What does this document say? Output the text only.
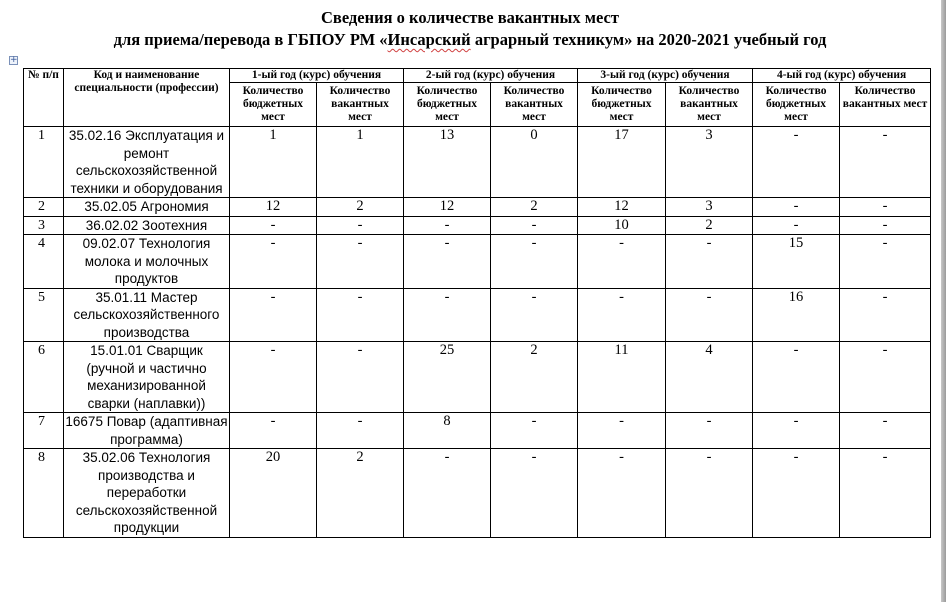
Сведения о количестве вакантных мест
для приема/перевода в ГБПОУ РМ «Инсарский аграрный техникум» на 2020-2021 учебный год
+
№ п/п	Код и наименование специальности (профессии)	1-ый год (курс) обучения		2-ый год (курс) обучения		3-ый год (курс) обучения		4-ый год (курс) обучения	
		Количество бюджетных мест	Количество вакантных мест	Количество бюджетных мест	Количество вакантных мест	Количество бюджетных мест	Количество вакантных мест	Количество бюджетных мест	Количество вакантных мест
1	35.02.16 Эксплуатация и ремонт сельскохозяйственной техники и оборудования	1	1	13	0	17	3	-	-
2	35.02.05 Агрономия	12	2	12	2	12	3	-	-
3	36.02.02 Зоотехния	-	-	-	-	10	2	-	-
4	09.02.07 Технология молока и молочных продуктов	-	-	-	-	-	-	15	-
5	35.01.11 Мастер сельскохозяйственного производства	-	-	-	-	-	-	16	-
6	15.01.01 Сварщик (ручной и частично механизированной сварки (наплавки))	-	-	25	2	11	4	-	-
7	16675 Повар (адаптивная программа)	-	-	8	-	-	-	-	-
8	35.02.06 Технология производства и переработки сельскохозяйственной продукции	20	2	-	-	-	-	-	-
